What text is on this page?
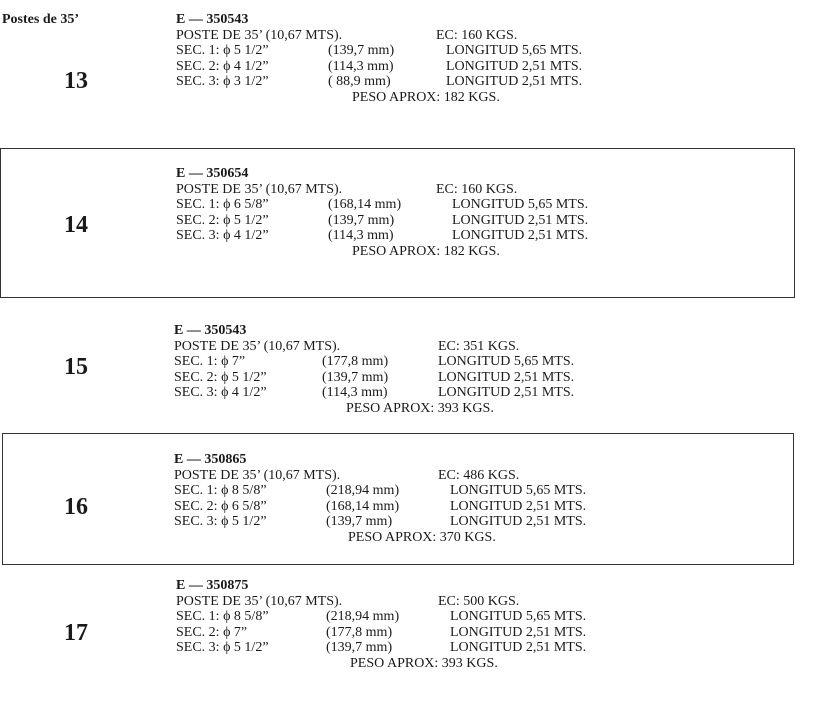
Postes de 35’
13
E — 350543
POSTE DE 35’ (10,67 MTS).	EC: 160 KGS.
SEC. 1: ϕ 5 1/2”	(139,7 mm)	LONGITUD 5,65 MTS.
SEC. 2: ϕ 4 1/2”	(114,3 mm)	LONGITUD 2,51 MTS.
SEC. 3: ϕ 3 1/2”	( 88,9 mm)	LONGITUD 2,51 MTS.
PESO APROX: 182 KGS.
14
E — 350654
POSTE DE 35’ (10,67 MTS).	EC: 160 KGS.
SEC. 1: ϕ 6 5/8”	(168,14 mm)	LONGITUD 5,65 MTS.
SEC. 2: ϕ 5 1/2”	(139,7 mm)	LONGITUD 2,51 MTS.
SEC. 3: ϕ 4 1/2”	(114,3 mm)	LONGITUD 2,51 MTS.
PESO APROX: 182 KGS.
15
E — 350543
POSTE DE 35’ (10,67 MTS).	EC: 351 KGS.
SEC. 1: ϕ 7”	(177,8 mm)	LONGITUD 5,65 MTS.
SEC. 2: ϕ 5 1/2”	(139,7 mm)	LONGITUD 2,51 MTS.
SEC. 3: ϕ 4 1/2”	(114,3 mm)	LONGITUD 2,51 MTS.
PESO APROX: 393 KGS.
16
E — 350865
POSTE DE 35’ (10,67 MTS).	EC: 486 KGS.
SEC. 1: ϕ 8 5/8”	(218,94 mm)	LONGITUD 5,65 MTS.
SEC. 2: ϕ 6 5/8”	(168,14 mm)	LONGITUD 2,51 MTS.
SEC. 3: ϕ 5 1/2”	(139,7 mm)	LONGITUD 2,51 MTS.
PESO APROX: 370 KGS.
17
E — 350875
POSTE DE 35’ (10,67 MTS).	EC: 500 KGS.
SEC. 1: ϕ 8 5/8”	(218,94 mm)	LONGITUD 5,65 MTS.
SEC. 2: ϕ 7”	(177,8 mm)	LONGITUD 2,51 MTS.
SEC. 3: ϕ 5 1/2”	(139,7 mm)	LONGITUD 2,51 MTS.
PESO APROX: 393 KGS.
